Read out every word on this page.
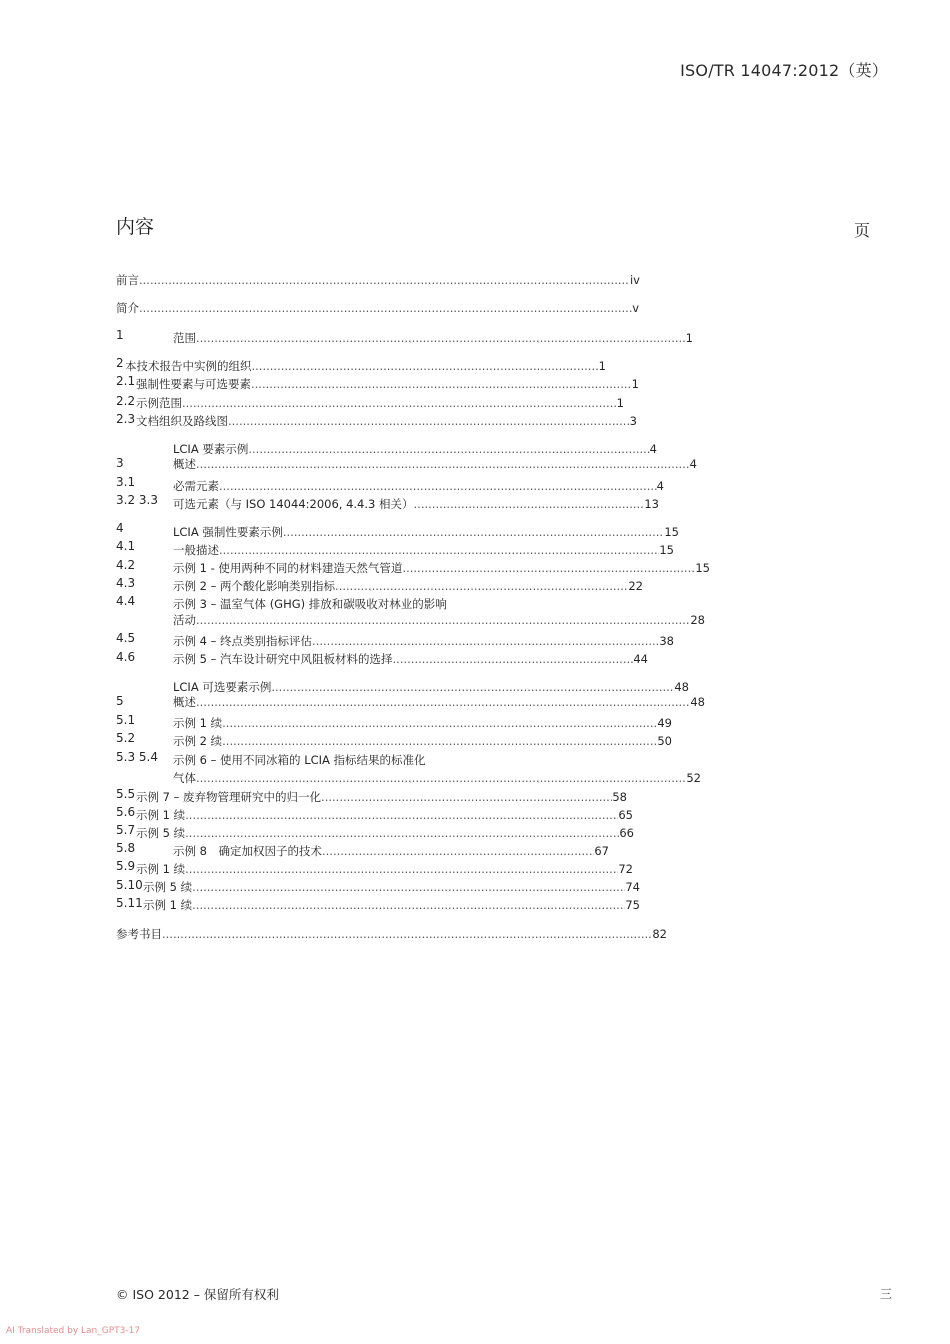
ISO/TR 14047:2012（英）
内容	页
前言 .....	iv
简介 .....	v
1	范围 .....	1
2 本技术报告中实例的组织 .....	1
2.1 强制性要素与可选要素 .....	1
2.2 示例范围 .....	1
2.3 文档组织及路线图 .....	3
LCIA 要素示例 .....	4
3	概述 .....	4
3.1	必需元素 .....	4
3.2 3.3 可选元素（与 ISO 14044:2006, 4.4.3 相关） .....	13
4	LCIA 强制性要素示例 .....	15
4.1	一般描述 .....	15
4.2	示例 1 - 使用两种不同的材料建造天然气管道 .....	15
4.3	示例 2 – 两个酸化影响类别指标 .....	22
4.4	示例 3 – 温室气体 (GHG) 排放和碳吸收对林业的影响
活动 .....	28
4.5	示例 4 – 终点类别指标评估 .....	38
4.6	示例 5 – 汽车设计研究中风阻板材料的选择 .....	44
LCIA 可选要素示例 .....	48
5	概述 .....	48
5.1	示例 1 续 .....	49
5.2	示例 2 续 .....	50
5.3 5.4 示例 6 – 使用不同冰箱的 LCIA 指标结果的标准化
气体 .....	52
5.5 示例 7 – 废弃物管理研究中的归一化 .....	58
5.6 示例 1 续 .....	65
5.7 示例 5 续 .....	66
5.8	示例 8　确定加权因子的技术 .....	67
5.9 示例 1 续 .....	72
5.10 示例 5 续 .....	74
5.11 示例 1 续 .....	75
参考书目 .....	82
© ISO 2012 – 保留所有权利	三
AI Translated by Lan_GPT3-17
